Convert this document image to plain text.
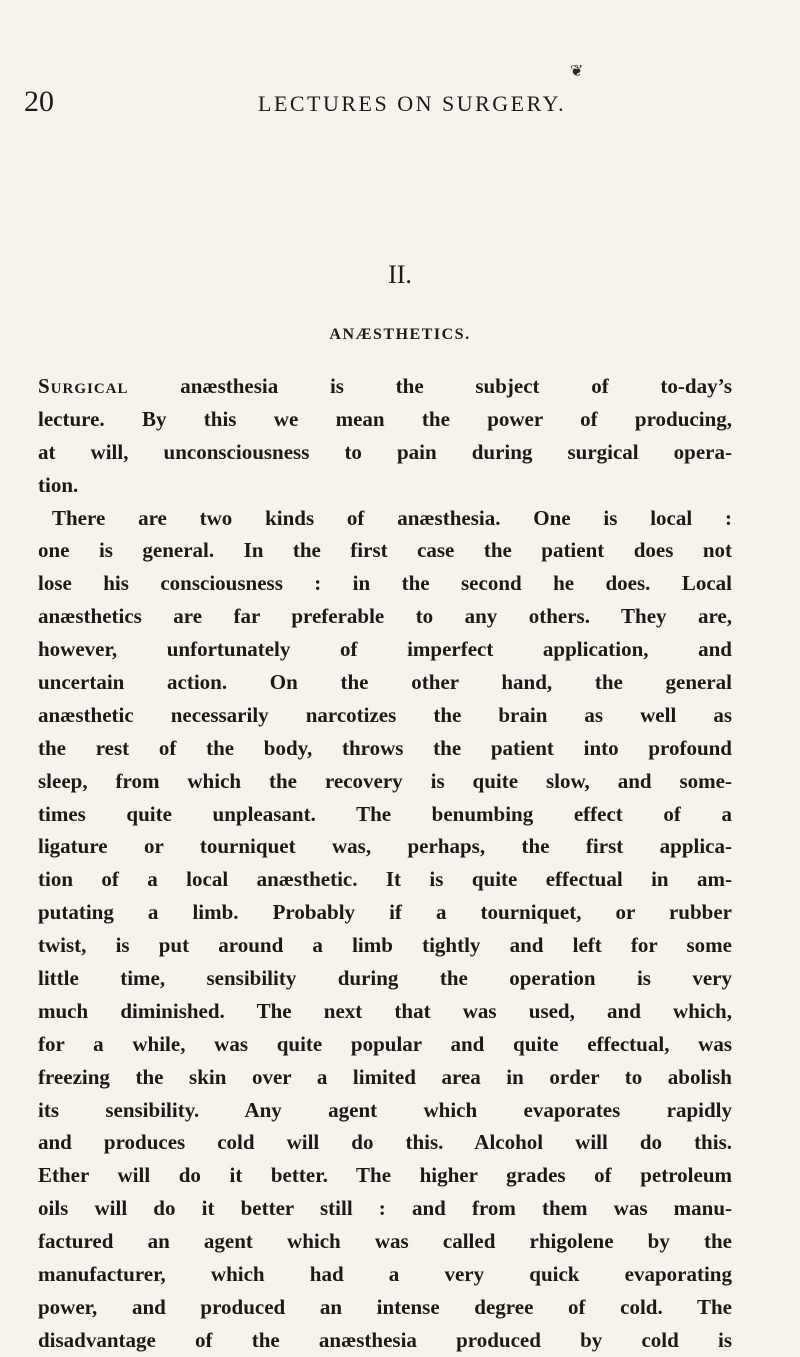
❦
20	LECTURES ON SURGERY.
II.
ANÆSTHETICS.
Surgical anæsthesia is the subject of to-day’s
lecture. By this we mean the power of producing,
at will, unconsciousness to pain during surgical opera-
tion.
There are two kinds of anæsthesia. One is local :
one is general. In the first case the patient does not
lose his consciousness : in the second he does. Local
anæsthetics are far preferable to any others. They are,
however, unfortunately of imperfect application, and
uncertain action. On the other hand, the general
anæsthetic necessarily narcotizes the brain as well as
the rest of the body, throws the patient into profound
sleep, from which the recovery is quite slow, and some-
times quite unpleasant. The benumbing effect of a
ligature or tourniquet was, perhaps, the first applica-
tion of a local anæsthetic. It is quite effectual in am-
putating a limb. Probably if a tourniquet, or rubber
twist, is put around a limb tightly and left for some
little time, sensibility during the operation is very
much diminished. The next that was used, and which,
for a while, was quite popular and quite effectual, was
freezing the skin over a limited area in order to abolish
its sensibility. Any agent which evaporates rapidly
and produces cold will do this. Alcohol will do this.
Ether will do it better. The higher grades of petroleum
oils will do it better still : and from them was manu-
factured an agent which was called rhigolene by the
manufacturer, which had a very quick evaporating
power, and produced an intense degree of cold. The
disadvantage of the anæsthesia produced by cold is
